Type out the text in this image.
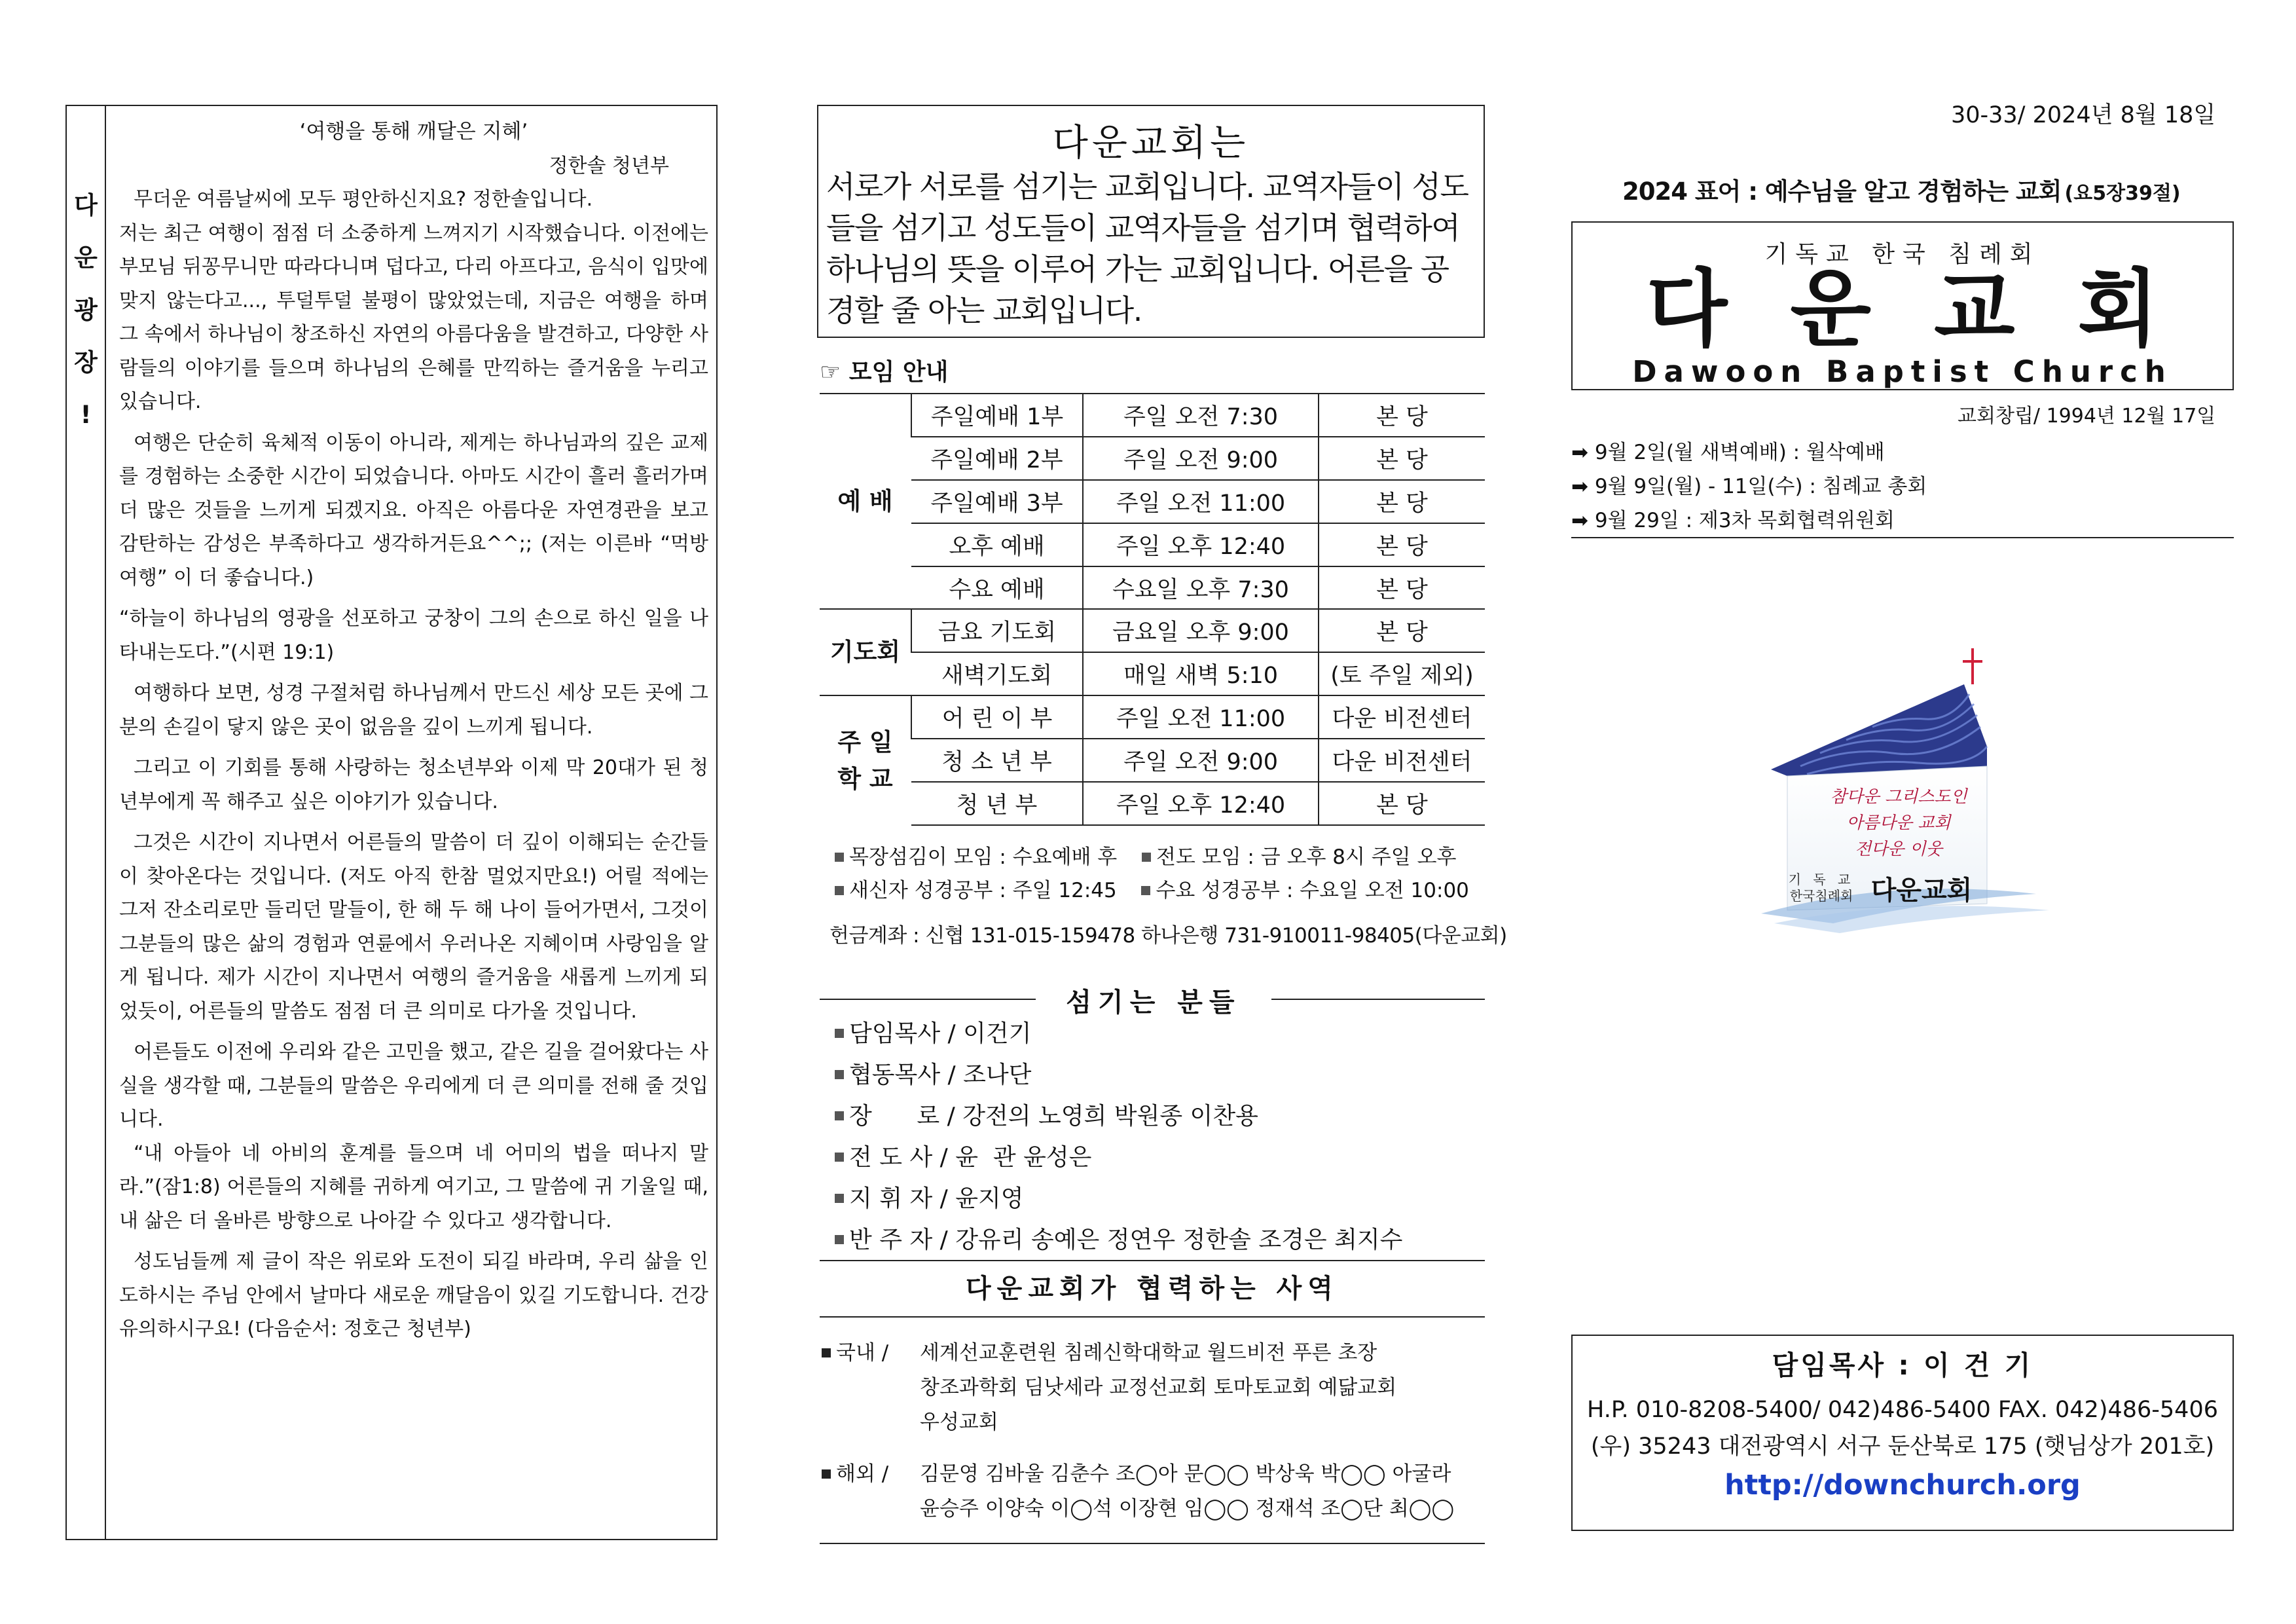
다
운
광
장
!
‘여행을 통해 깨달은 지혜’
정한솔 청년부

무더운 여름날씨에 모두 평안하신지요? 정한솔입니다.

저는 최근 여행이 점점 더 소중하게 느껴지기 시작했습니다. 이전에는 부모님 뒤꽁무니만 따라다니며 덥다고, 다리 아프다고, 음식이 입맛에 맞지 않는다고..., 투덜투덜 불평이 많았었는데, 지금은 여행을 하며 그 속에서 하나님이 창조하신 자연의 아름다움을 발견하고, 다양한 사람들의 이야기를 들으며 하나님의 은혜를 만끽하는 즐거움을 누리고 있습니다.

여행은 단순히 육체적 이동이 아니라, 제게는 하나님과의 깊은 교제를 경험하는 소중한 시간이 되었습니다. 아마도 시간이 흘러 흘러가며 더 많은 것들을 느끼게 되겠지요. 아직은 아름다운 자연경관을 보고 감탄하는 감성은 부족하다고 생각하거든요^^;; (저는 이른바 “먹방 여행” 이 더 좋습니다.)

“하늘이 하나님의 영광을 선포하고 궁창이 그의 손으로 하신 일을 나타내는도다.”(시편 19:1)

여행하다 보면, 성경 구절처럼 하나님께서 만드신 세상 모든 곳에 그분의 손길이 닿지 않은 곳이 없음을 깊이 느끼게 됩니다.

그리고 이 기회를 통해 사랑하는 청소년부와 이제 막 20대가 된 청년부에게 꼭 해주고 싶은 이야기가 있습니다.

그것은 시간이 지나면서 어른들의 말씀이 더 깊이 이해되는 순간들이 찾아온다는 것입니다. (저도 아직 한참 멀었지만요!) 어릴 적에는 그저 잔소리로만 들리던 말들이, 한 해 두 해 나이 들어가면서, 그것이 그분들의 많은 삶의 경험과 연륜에서 우러나온 지혜이며 사랑임을 알게 됩니다. 제가 시간이 지나면서 여행의 즐거움을 새롭게 느끼게 되었듯이, 어른들의 말씀도 점점 더 큰 의미로 다가올 것입니다.

어른들도 이전에 우리와 같은 고민을 했고, 같은 길을 걸어왔다는 사실을 생각할 때, 그분들의 말씀은 우리에게 더 큰 의미를 전해 줄 것입니다.

“내 아들아 네 아비의 훈계를 들으며 네 어미의 법을 떠나지 말라.”(잠1:8) 어른들의 지혜를 귀하게 여기고, 그 말씀에 귀 기울일 때, 내 삶은 더 올바른 방향으로 나아갈 수 있다고 생각합니다.

성도님들께 제 글이 작은 위로와 도전이 되길 바라며, 우리 삶을 인도하시는 주님 안에서 날마다 새로운 깨달음이 있길 기도합니다. 건강 유의하시구요! (다음순서: 정호근 청년부)

다운교회는
서로가 서로를 섬기는 교회입니다. 교역자들이 성도들을 섬기고 성도들이 교역자들을 섬기며 협력하여 하나님의 뜻을 이루어 가는 교회입니다. 어른을 공경할 줄 아는 교회입니다.
☞ 모임 안내
예 배	주일예배 1부	주일 오전 7:30	본 당
	주일예배 2부	주일 오전 9:00	본 당
	주일예배 3부	주일 오전 11:00	본 당
	오후 예배	주일 오후 12:40	본 당
	수요 예배	수요일 오후 7:30	본 당
기도회	금요 기도회	금요일 오후 9:00	본 당
	새벽기도회	매일 새벽 5:10	(토 주일 제외)
주 일
학 교	어 린 이 부	주일 오전 11:00	다운 비전센터
	청 소 년 부	주일 오전 9:00	다운 비전센터
	청 년 부	주일 오후 12:40	본 당
목장섬김이 모임 : 수요예배 후 전도 모임 : 금 오후 8시 주일 오후
새신자 성경공부 : 주일 12:45 수요 성경공부 : 수요일 오전 10:00
헌금계좌 : 신협 131-015-159478 하나은행 731-910011-98405(다운교회)
섬기는 분들
담임목사 / 이건기
협동목사 / 조나단
장      로 / 강전의 노영희 박원종 이찬용
전 도 사 / 윤  관 윤성은
지 휘 자 / 윤지영
반 주 자 / 강유리 송예은 정연우 정한솔 조경은 최지수
다운교회가 협력하는 사역
국내 / 세계선교훈련원 침례신학대학교 월드비전 푸른 초장
창조과학회 딤낫세라 교정선교회 토마토교회 예닮교회
우성교회
해외 / 김문영 김바울 김춘수 조◯아 문◯◯ 박상욱 박◯◯ 아굴라
윤승주 이양숙 이◯석 이장현 임◯◯ 정재석 조◯단 최◯◯
30-33/ 2024년 8월 18일
2024 표어 : 예수님을 알고 경험하는 교회 (요5장39절)
기독교 한국 침례회
다운교회
Dawoon Baptist Church
교회창립/ 1994년 12월 17일
➡ 9월 2일(월 새벽예배) : 월삭예배
➡ 9월 9일(월) - 11일(수) : 침례교 총회
➡ 9월 29일 : 제3차 목회협력위원회
참다운 그리스도인
아름다운 교회
전다운 이웃
기 독 교
한국침례회 다운교회
담임목사 : 이 건 기
H.P. 010-8208-5400/ 042)486-5400 FAX. 042)486-5406
(우) 35243 대전광역시 서구 둔산북로 175 (햇님상가 201호)
http://downchurch.org
